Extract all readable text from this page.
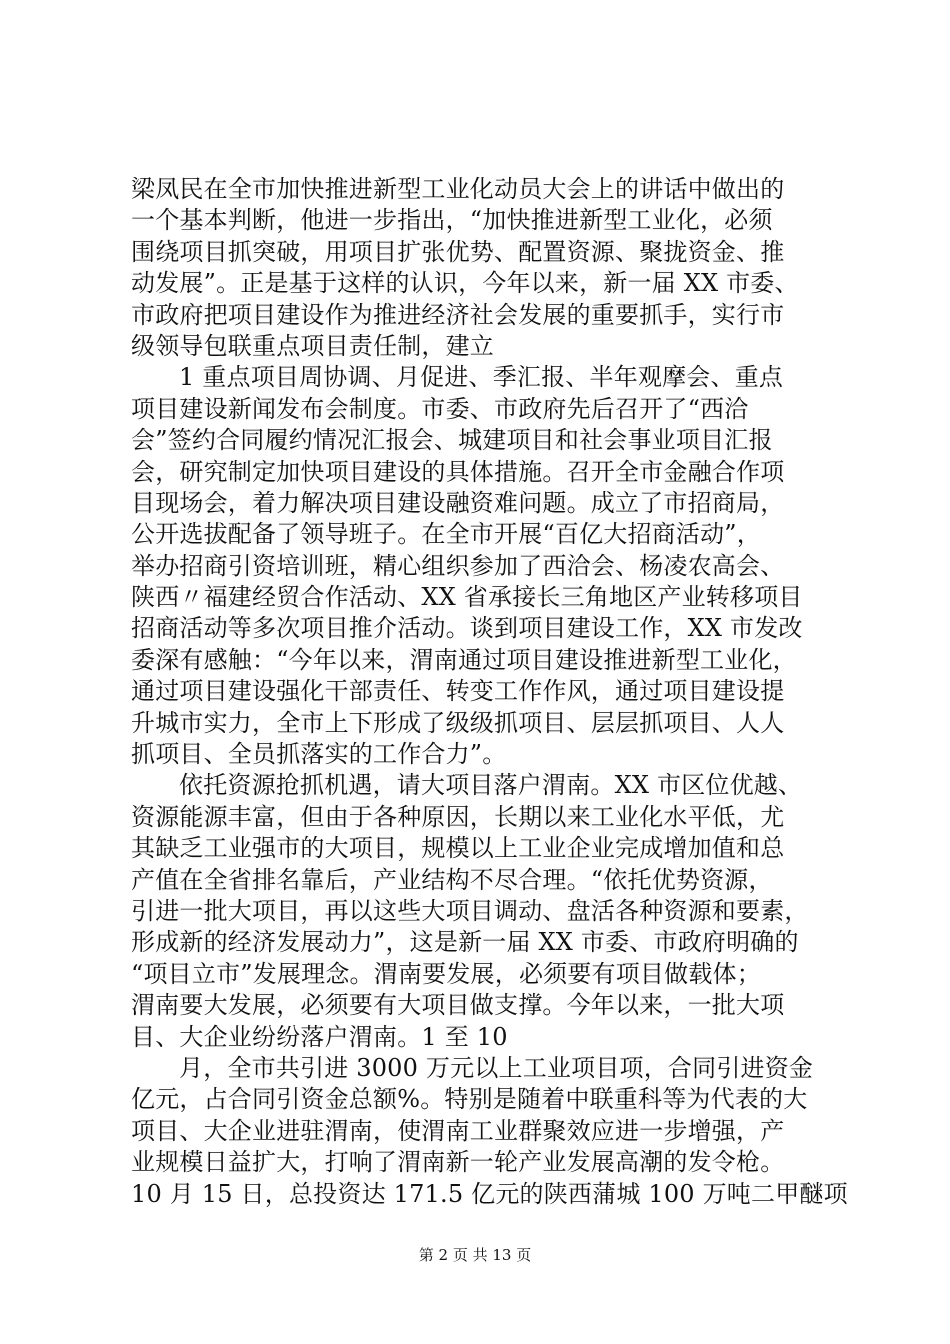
梁凤民在全市加快推进新型工业化动员大会上的讲话中做出的
一个基本判断，他进一步指出，“加快推进新型工业化，必须
围绕项目抓突破，用项目扩张优势、配置资源、聚拢资金、推
动发展”。正是基于这样的认识，今年以来，新一届 XX 市委、
市政府把项目建设作为推进经济社会发展的重要抓手，实行市
级领导包联重点项目责任制，建立
1 重点项目周协调、月促进、季汇报、半年观摩会、重点
项目建设新闻发布会制度。市委、市政府先后召开了“西洽
会”签约合同履约情况汇报会、城建项目和社会事业项目汇报
会，研究制定加快项目建设的具体措施。召开全市金融合作项
目现场会，着力解决项目建设融资难问题。成立了市招商局，
公开选拔配备了领导班子。在全市开展“百亿大招商活动”，
举办招商引资培训班，精心组织参加了西洽会、杨凌农高会、
陕西〃福建经贸合作活动、XX 省承接长三角地区产业转移项目
招商活动等多次项目推介活动。谈到项目建设工作，XX 市发改
委深有感触：“今年以来，渭南通过项目建设推进新型工业化，
通过项目建设强化干部责任、转变工作作风，通过项目建设提
升城市实力，全市上下形成了级级抓项目、层层抓项目、人人
抓项目、全员抓落实的工作合力”。
依托资源抢抓机遇，请大项目落户渭南。XX 市区位优越、
资源能源丰富，但由于各种原因，长期以来工业化水平低，尤
其缺乏工业强市的大项目，规模以上工业企业完成增加值和总
产值在全省排名靠后，产业结构不尽合理。“依托优势资源，
引进一批大项目，再以这些大项目调动、盘活各种资源和要素，
形成新的经济发展动力”，这是新一届 XX 市委、市政府明确的
“项目立市”发展理念。渭南要发展，必须要有项目做载体；
渭南要大发展，必须要有大项目做支撑。今年以来，一批大项
目、大企业纷纷落户渭南。1 至 10
月，全市共引进 3000 万元以上工业项目项，合同引进资金
亿元，占合同引资金总额%。特别是随着中联重科等为代表的大
项目、大企业进驻渭南，使渭南工业群聚效应进一步增强，产
业规模日益扩大，打响了渭南新一轮产业发展高潮的发令枪。
10 月 15 日，总投资达 171.5 亿元的陕西蒲城 100 万吨二甲醚项
第 2 页 共 13 页
